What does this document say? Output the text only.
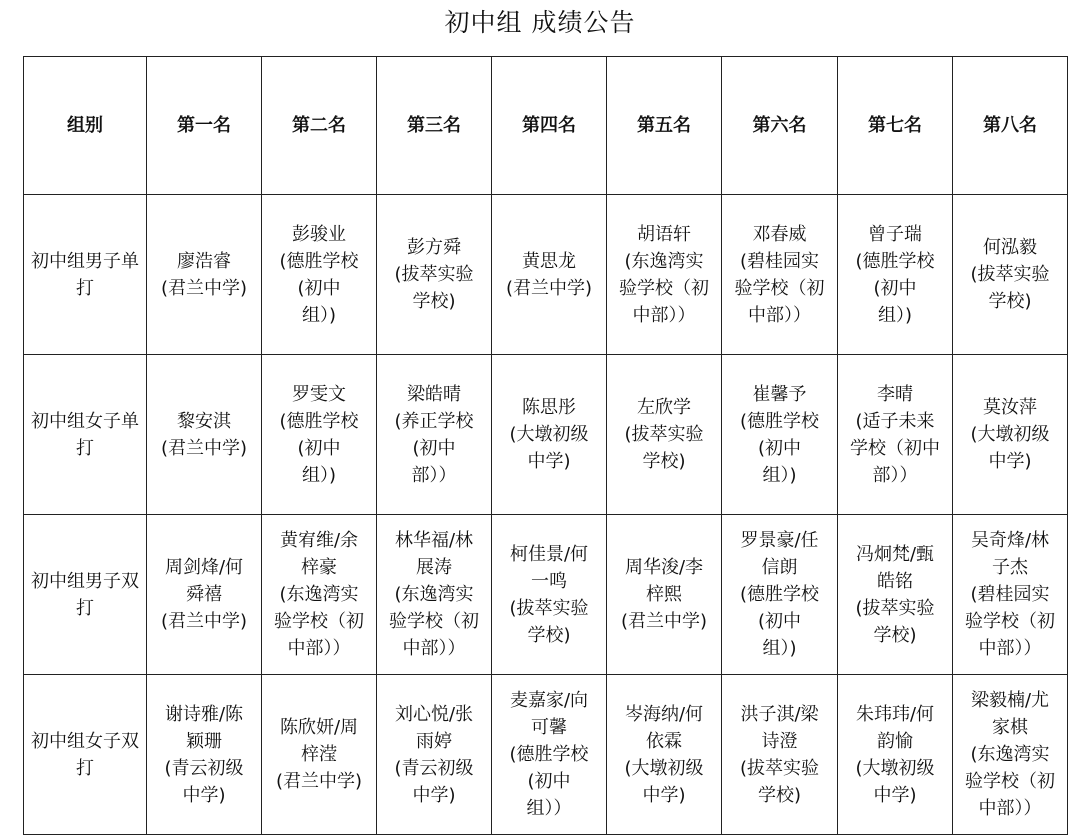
初中组 成绩公告
组别	第一名	第二名	第三名	第四名	第五名	第六名	第七名	第八名
初中组男子单打	廖浩睿
(君兰中学)	彭骏业
(德胜学校
(初中
组）)	彭方舜
(拔萃实验
学校)	黄思龙
(君兰中学)	胡语轩
(东逸湾实
验学校（初
中部））	邓春威
(碧桂园实
验学校（初
中部））	曾子瑞
(德胜学校
(初中
组）)	何泓毅
(拔萃实验
学校)
初中组女子单打	黎安淇
(君兰中学)	罗雯文
(德胜学校
(初中
组）)	梁皓晴
(养正学校
(初中
部））	陈思彤
(大墩初级
中学)	左欣学
(拔萃实验
学校)	崔馨予
(德胜学校
(初中
组）)	李晴
(适子未来
学校（初中
部））	莫汝萍
(大墩初级
中学)
初中组男子双打	周剑烽/何
舜禧
(君兰中学)	黄宥维/余
梓豪
(东逸湾实
验学校（初
中部））	林华福/林
展涛
(东逸湾实
验学校（初
中部））	柯佳景/何
一鸣
(拔萃实验
学校)	周华浚/李
梓熙
(君兰中学)	罗景豪/任
信朗
(德胜学校
(初中
组）)	冯炯梵/甄
皓铭
(拔萃实验
学校)	吴奇烽/林
子杰
(碧桂园实
验学校（初
中部））
初中组女子双打	谢诗雅/陈
颖珊
(青云初级
中学)	陈欣妍/周
梓滢
(君兰中学)	刘心悦/张
雨婷
(青云初级
中学)	麦嘉家/向
可馨
(德胜学校
(初中
组））	岑海纳/何
依霖
(大墩初级
中学)	洪子淇/梁
诗澄
(拔萃实验
学校)	朱玮玮/何
韵愉
(大墩初级
中学)	梁毅楠/尤
家棋
(东逸湾实
验学校（初
中部））
